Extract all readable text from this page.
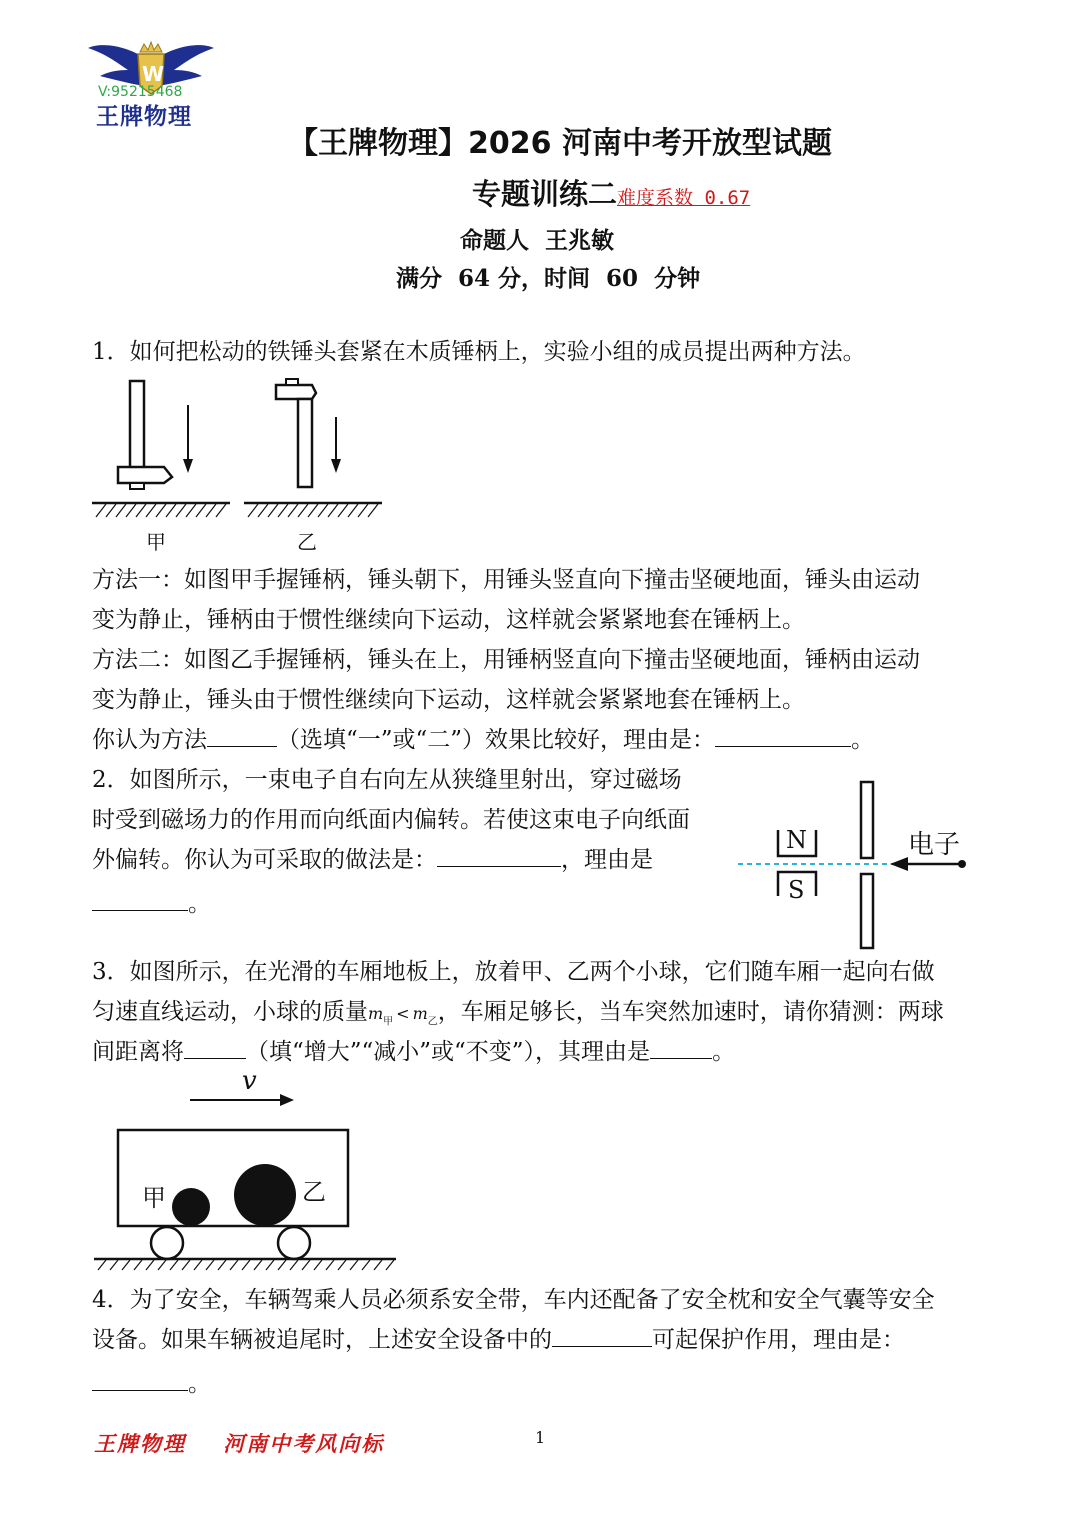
W
V:95215468
王牌物理
【王牌物理】2026 河南中考开放型试题
专题训练二难度系数 0.67
命题人  王兆敏
满分  64 分，时间  60  分钟
1．如何把松动的铁锤头套紧在木质锤柄上，实验小组的成员提出两种方法。
甲	乙
方法一：如图甲手握锤柄，锤头朝下，用锤头竖直向下撞击坚硬地面，锤头由运动
变为静止，锤柄由于惯性继续向下运动，这样就会紧紧地套在锤柄上。
方法二：如图乙手握锤柄，锤头在上，用锤柄竖直向下撞击坚硬地面，锤柄由运动
变为静止，锤头由于惯性继续向下运动，这样就会紧紧地套在锤柄上。
你认为方法	（选填“一”或“二”）效果比较好，理由是：	。
2．如图所示，一束电子自右向左从狭缝里射出，穿过磁场
时受到磁场力的作用而向纸面内偏转。若使这束电子向纸面
外偏转。你认为可采取的做法是：	，理由是
。
N
S
电子
3．如图所示，在光滑的车厢地板上，放着甲、乙两个小球，它们随车厢一起向右做
匀速直线运动，小球的质量$m_甲 < m_乙$，车厢足够长，当车突然加速时，请你猜测：两球
间距离将	（填“增大”“减小”或“不变”），其理由是	。
v
甲	乙
4．为了安全，车辆驾乘人员必须系安全带，车内还配备了安全枕和安全气囊等安全
设备。如果车辆被追尾时，上述安全设备中的	可起保护作用，理由是：
。
王牌物理    河南中考风向标	1
